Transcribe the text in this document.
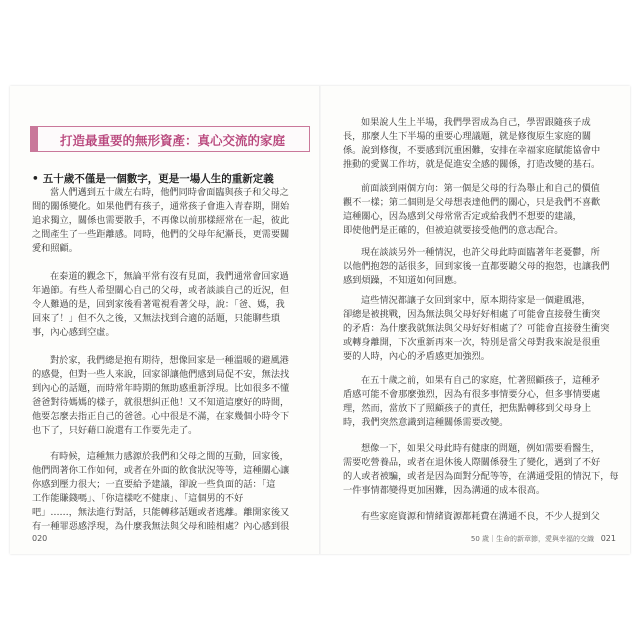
打造最重要的無形資產：真心交流的家庭
• 五十歲不僅是一個數字，更是一場人生的重新定義
當人們邁到五十歲左右時，他們同時會面臨與孩子和父母之
間的關係變化。如果他們有孩子，通常孩子會進入青春期，開始
追求獨立，關係也需要散手，不再像以前那樣經常在一起，彼此
之間產生了一些距離感。同時，他們的父母年紀漸長，更需要關
愛和照顧。
在泰道的觀念下，無論平常有沒有見面，我們通常會回家過
年過節。有些人希望關心自己的父母，或者談談自己的近況，但
令人難過的是，回到家後看著電視看著父母，說：「爸、媽，我
回來了！」但不久之後，又無法找到合適的話題，只能聊些瑣
事，內心感到空虛。
對於家，我們總是抱有期待，想像回家是一種溫暖的避風港
的感覺，但對一些人來說，回家卻讓他們感到局促不安，無法找
到內心的話題，而時常年時期的無助感重新浮現。比如很多不懂
爸爸對待媽媽的樣子，就很想糾正他！又不知道這麼好的時間，
他要怎麼去指正自己的爸爸。心中很是不滿，在家幾個小時令下
也下了，只好藉口說還有工作要先走了。
有時候，這種無力感源於我們和父母之間的互動，回家後，
他們問著你工作如何，或者在外面的飲食狀況等等，這種關心讓
你感到壓力很大；一直要給予建議，卻說一些負面的話：「這
工作能賺錢嗎」、「你這樣吃不健康」、「這個男的不好
吧」……，無法進行對話，只能轉移話題或者逃離。離開家後又
有一種罪惡感浮現，為什麼我無法與父母和睦相處？內心感到很
020
如果說人生上半場，我們學習成為自己，學習跟隨孩子成
長，那麼人生下半場的重要心理議題，就是修復原生家庭的關
係。說到修復，不要感到沉重困難，安排在幸福家庭賦能協會中
推動的愛翼工作坊，就是促進安全感的關係，打造改變的基石。
前面談到兩個方向：第一個是父母的行為舉止和自己的價值
觀不一樣；第二個則是父母想表達他們的關心，只是我們不喜歡
這種關心，因為感到父母常常否定或給我們不想要的建議，
即使他們是正確的，但被迫就要接受他們的意志配合。
現在談談另外一種情況，也許父母此時面臨著年老憂鬱，所
以他們抱怨的話很多，回到家後一直都要聽父母的抱怨，也讓我們
感到煩躁，不知道如何回應。
這些情況都讓子女回到家中，原本期待家是一個避風港，
卻總是被挑戰，因為無法與父母好好相處了可能會直接發生衝突
的矛盾：為什麼我就無法與父母好好相處了？可能會直接發生衝突
或轉身離開，下次重新再來一次，特別是當父母對我來說是很重
要的人時，內心的矛盾感更加強烈。
在五十歲之前，如果有自己的家庭，忙著照顧孩子，這種矛
盾感可能不會那麼強烈，因為有很多事情要分心，但多事情要處
理，然而，當放下了照顧孩子的責任，把焦點轉移到父母身上
時，我們突然意識到這種關係需要改變。
想像一下，如果父母此時有健康的問題，例如需要看醫生，
需要吃營養品，或者在退休後人際關係發生了變化，遇到了不好
的人或者被騙，或者是因為面對分配等等，在溝通受阻的情況下，每
一件事情都變得更加困難，因為溝通的成本很高。
50 歲｜生命的新章節，愛與幸福的交織 021
有些家庭資源和情緒資源都耗費在溝通不良，不少人提到父
